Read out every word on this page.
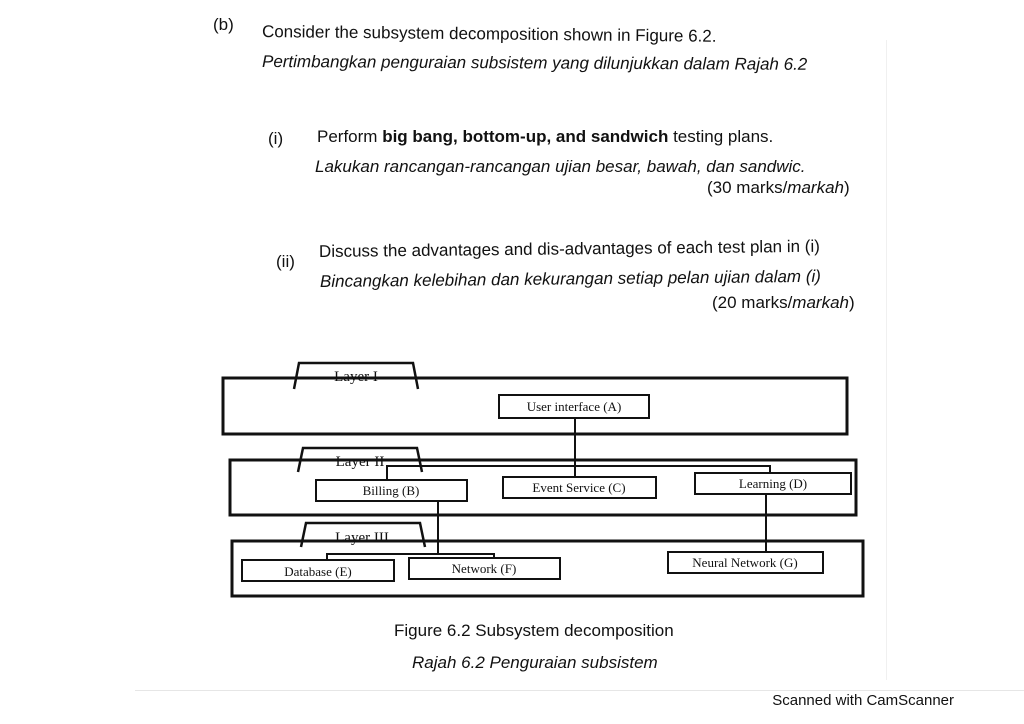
(b) Consider the subsystem decomposition shown in Figure 6.2.
Pertimbangkan penguraian subsistem yang dilunjukkan dalam Rajah 6.2
(i) Perform big bang, bottom-up, and sandwich testing plans.
Lakukan rancangan-rancangan ujian besar, bawah, dan sandwic.
(30 marks/markah)
(ii)
Discuss the advantages and dis-advantages of each test plan in (i)
Bincangkan kelebihan dan kekurangan setiap pelan ujian dalam (i)
(20 marks/markah)
Layer I
Layer II
Layer III
User interface (A)
Billing (B)	Event Service (C)	Learning (D)
Database (E)	Network (F)	Neural Network (G)
Figure 6.2 Subsystem decomposition
Rajah 6.2 Penguraian subsistem
Scanned with CamScanner
